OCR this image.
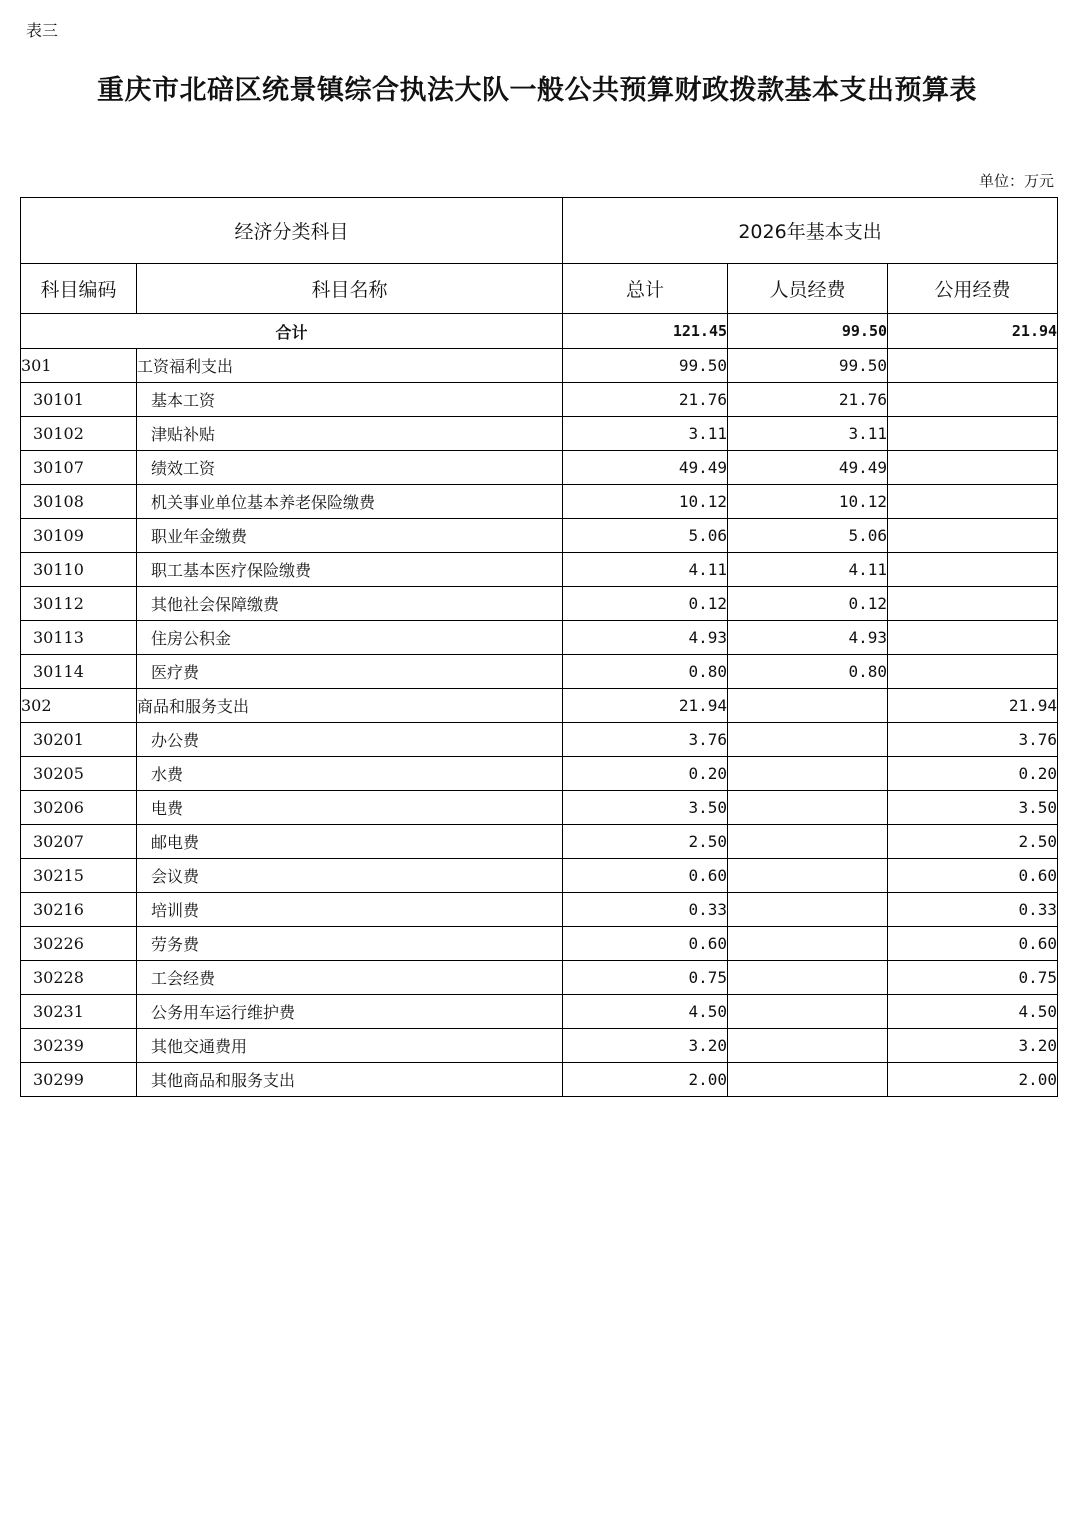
表三
重庆市北碚区统景镇综合执法大队一般公共预算财政拨款基本支出预算表
单位：万元
经济分类科目		2026年基本支出		
科目编码	科目名称	总计	人员经费	公用经费
合计		121.45	99.50	21.94
301	工资福利支出	99.50	99.50	
30101	基本工资	21.76	21.76	
30102	津贴补贴	3.11	3.11	
30107	绩效工资	49.49	49.49	
30108	机关事业单位基本养老保险缴费	10.12	10.12	
30109	职业年金缴费	5.06	5.06	
30110	职工基本医疗保险缴费	4.11	4.11	
30112	其他社会保障缴费	0.12	0.12	
30113	住房公积金	4.93	4.93	
30114	医疗费	0.80	0.80	
302	商品和服务支出	21.94		21.94
30201	办公费	3.76		3.76
30205	水费	0.20		0.20
30206	电费	3.50		3.50
30207	邮电费	2.50		2.50
30215	会议费	0.60		0.60
30216	培训费	0.33		0.33
30226	劳务费	0.60		0.60
30228	工会经费	0.75		0.75
30231	公务用车运行维护费	4.50		4.50
30239	其他交通费用	3.20		3.20
30299	其他商品和服务支出	2.00		2.00
